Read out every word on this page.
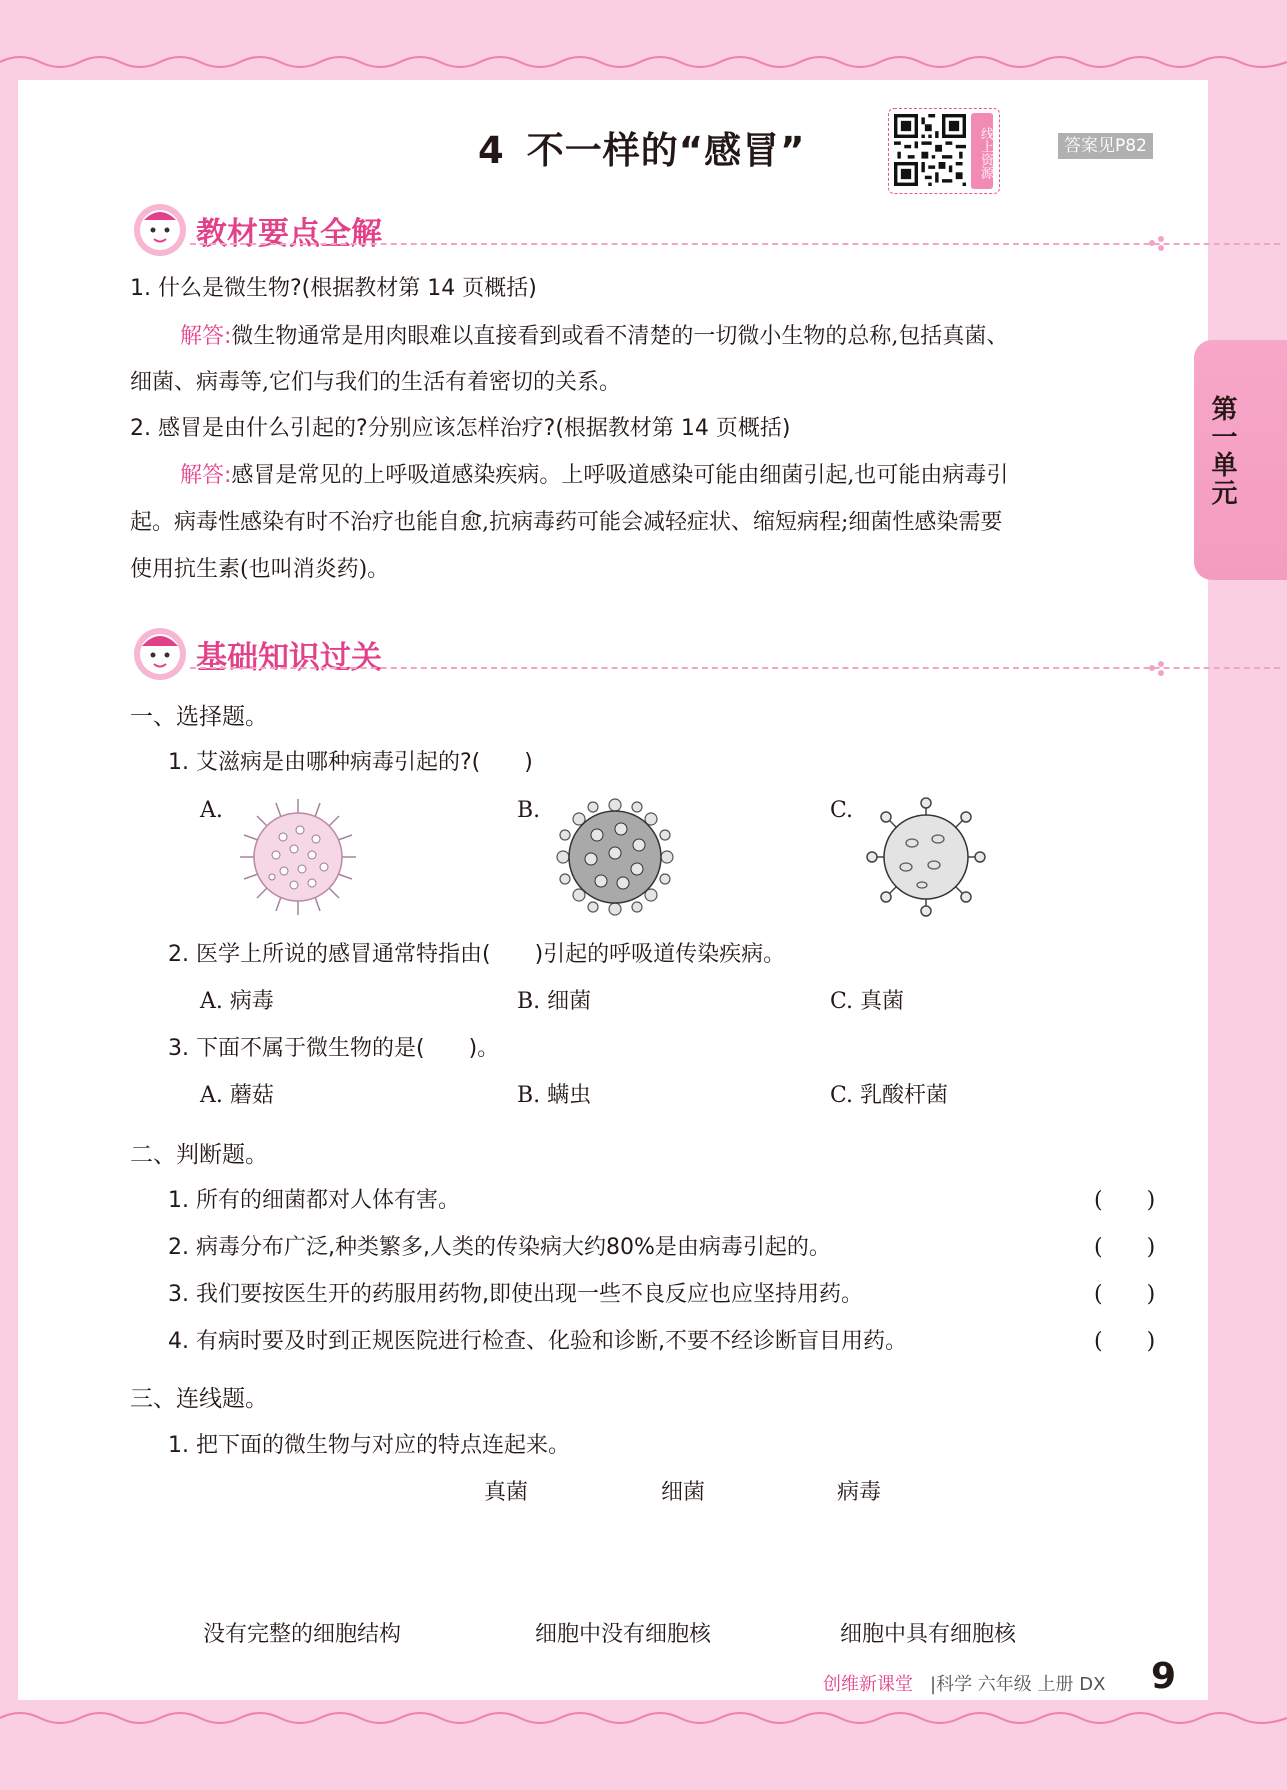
第一单元
4 不一样的“感冒”	线上资源	答案见P82
教材要点全解
1. 什么是微生物?(根据教材第 14 页概括)
解答:微生物通常是用肉眼难以直接看到或看不清楚的一切微小生物的总称,包括真菌、
细菌、病毒等,它们与我们的生活有着密切的关系。
2. 感冒是由什么引起的?分别应该怎样治疗?(根据教材第 14 页概括)
解答:感冒是常见的上呼吸道感染疾病。上呼吸道感染可能由细菌引起,也可能由病毒引
起。病毒性感染有时不治疗也能自愈,抗病毒药可能会减轻症状、缩短病程;细菌性感染需要
使用抗生素(也叫消炎药)。
基础知识过关
一、选择题。
1. 艾滋病是由哪种病毒引起的?(　　)
A.	B.	C.
2. 医学上所说的感冒通常特指由(　　)引起的呼吸道传染疾病。
A. 病毒	B. 细菌	C. 真菌
3. 下面不属于微生物的是(　　)。
A. 蘑菇	B. 螨虫	C. 乳酸杆菌
二、判断题。
1. 所有的细菌都对人体有害。	(　　)
2. 病毒分布广泛,种类繁多,人类的传染病大约80%是由病毒引起的。	(　　)
3. 我们要按医生开的药服用药物,即使出现一些不良反应也应坚持用药。	(　　)
4. 有病时要及时到正规医院进行检查、化验和诊断,不要不经诊断盲目用药。	(　　)
三、连线题。
1. 把下面的微生物与对应的特点连起来。
真菌	细菌	病毒
没有完整的细胞结构	细胞中没有细胞核	细胞中具有细胞核
创维新课堂 |科学 六年级 上册 DX 9
